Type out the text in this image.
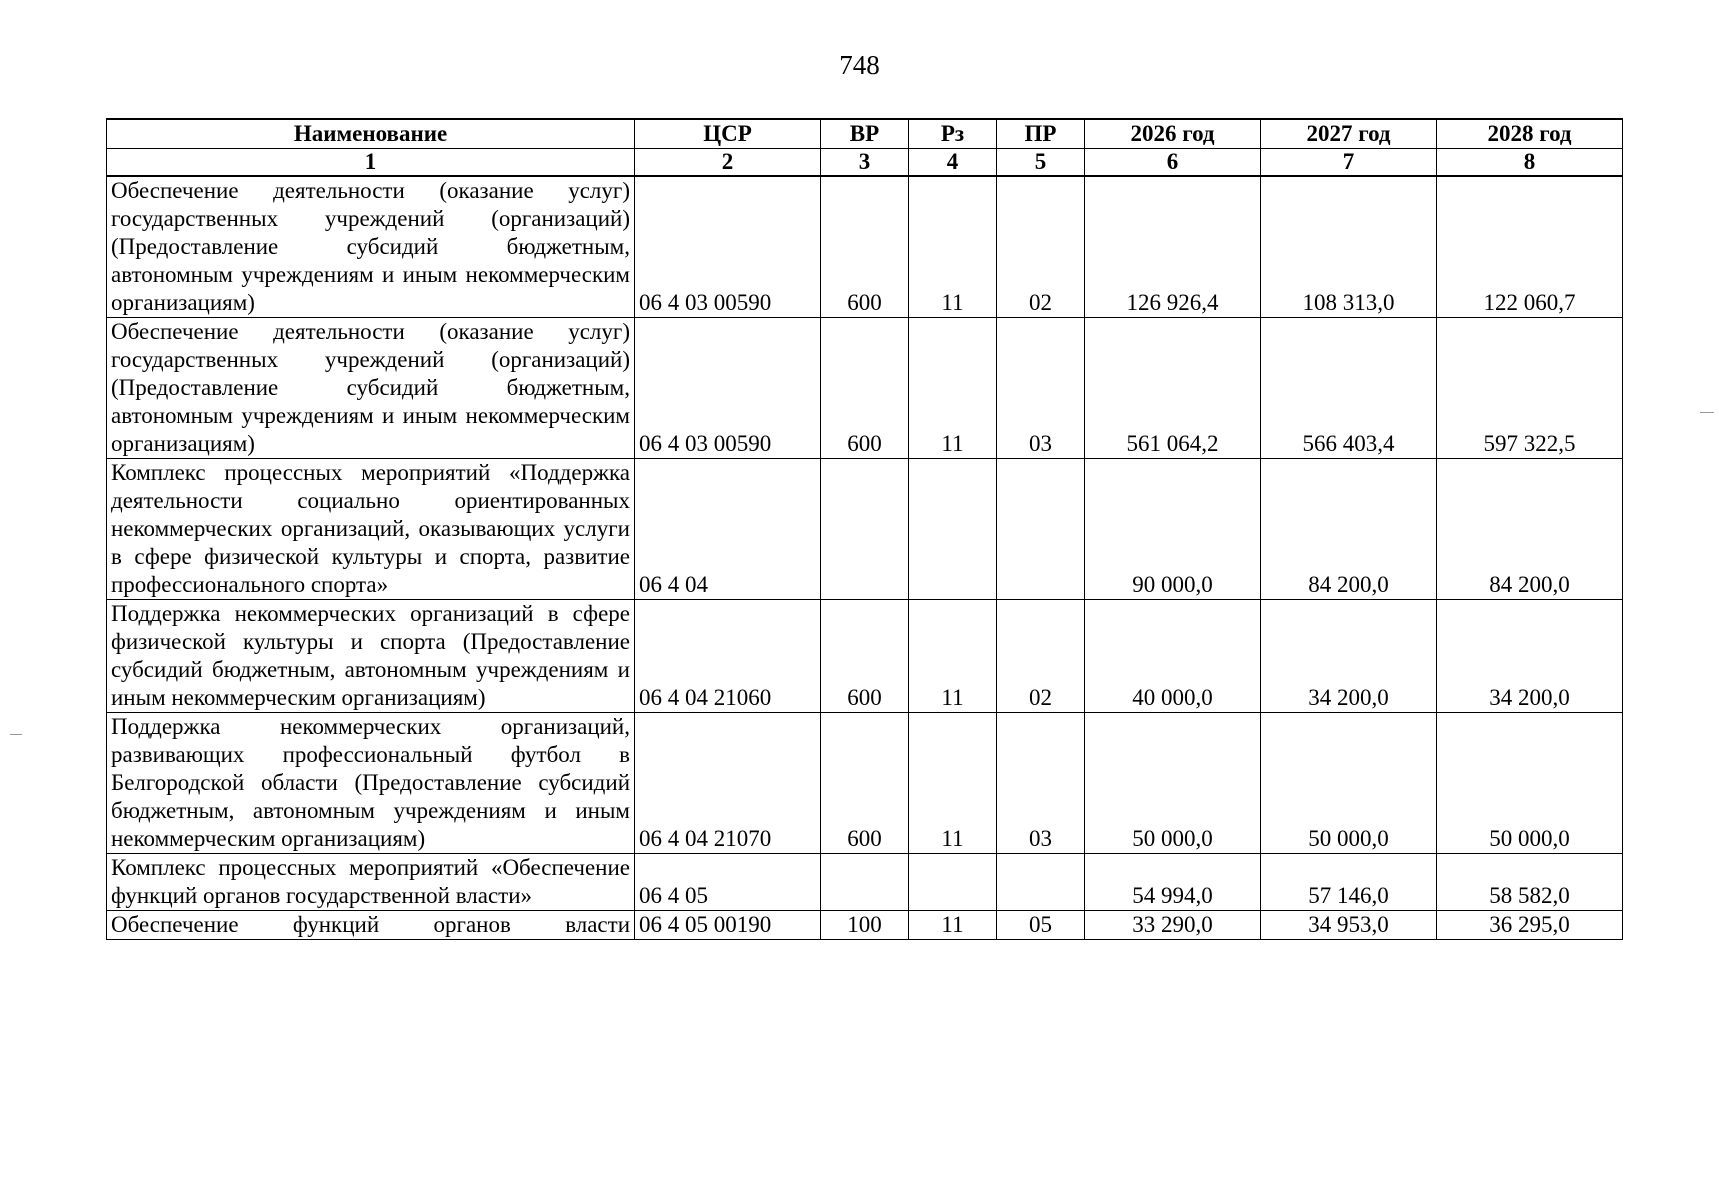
748
Наименование	ЦСР	ВР	Рз	ПР	2026 год	2027 год	2028 год
1	2	3	4	5	6	7	8
Обеспечение деятельности (оказание услуг) государственных учреждений (организаций) (Предоставление субсидий бюджетным, автономным учреждениям и иным некоммерческим организациям)	06 4 03 00590	600	11	02	126 926,4	108 313,0	122 060,7
Обеспечение деятельности (оказание услуг) государственных учреждений (организаций) (Предоставление субсидий бюджетным, автономным учреждениям и иным некоммерческим организациям)	06 4 03 00590	600	11	03	561 064,2	566 403,4	597 322,5
Комплекс процессных мероприятий «Поддержка деятельности социально ориентированных некоммерческих организаций, оказывающих услуги в сфере физической культуры и спорта, развитие профессионального спорта»	06 4 04				90 000,0	84 200,0	84 200,0
Поддержка некоммерческих организаций в сфере физической культуры и спорта (Предоставление субсидий бюджетным, автономным учреждениям и иным некоммерческим организациям)	06 4 04 21060	600	11	02	40 000,0	34 200,0	34 200,0
Поддержка некоммерческих организаций, развивающих профессиональный футбол в Белгородской области (Предоставление субсидий бюджетным, автономным учреждениям и иным некоммерческим организациям)	06 4 04 21070	600	11	03	50 000,0	50 000,0	50 000,0
Комплекс процессных мероприятий «Обеспечение функций органов государственной власти»	06 4 05				54 994,0	57 146,0	58 582,0
Обеспечение функций органов власти	06 4 05 00190	100	11	05	33 290,0	34 953,0	36 295,0
